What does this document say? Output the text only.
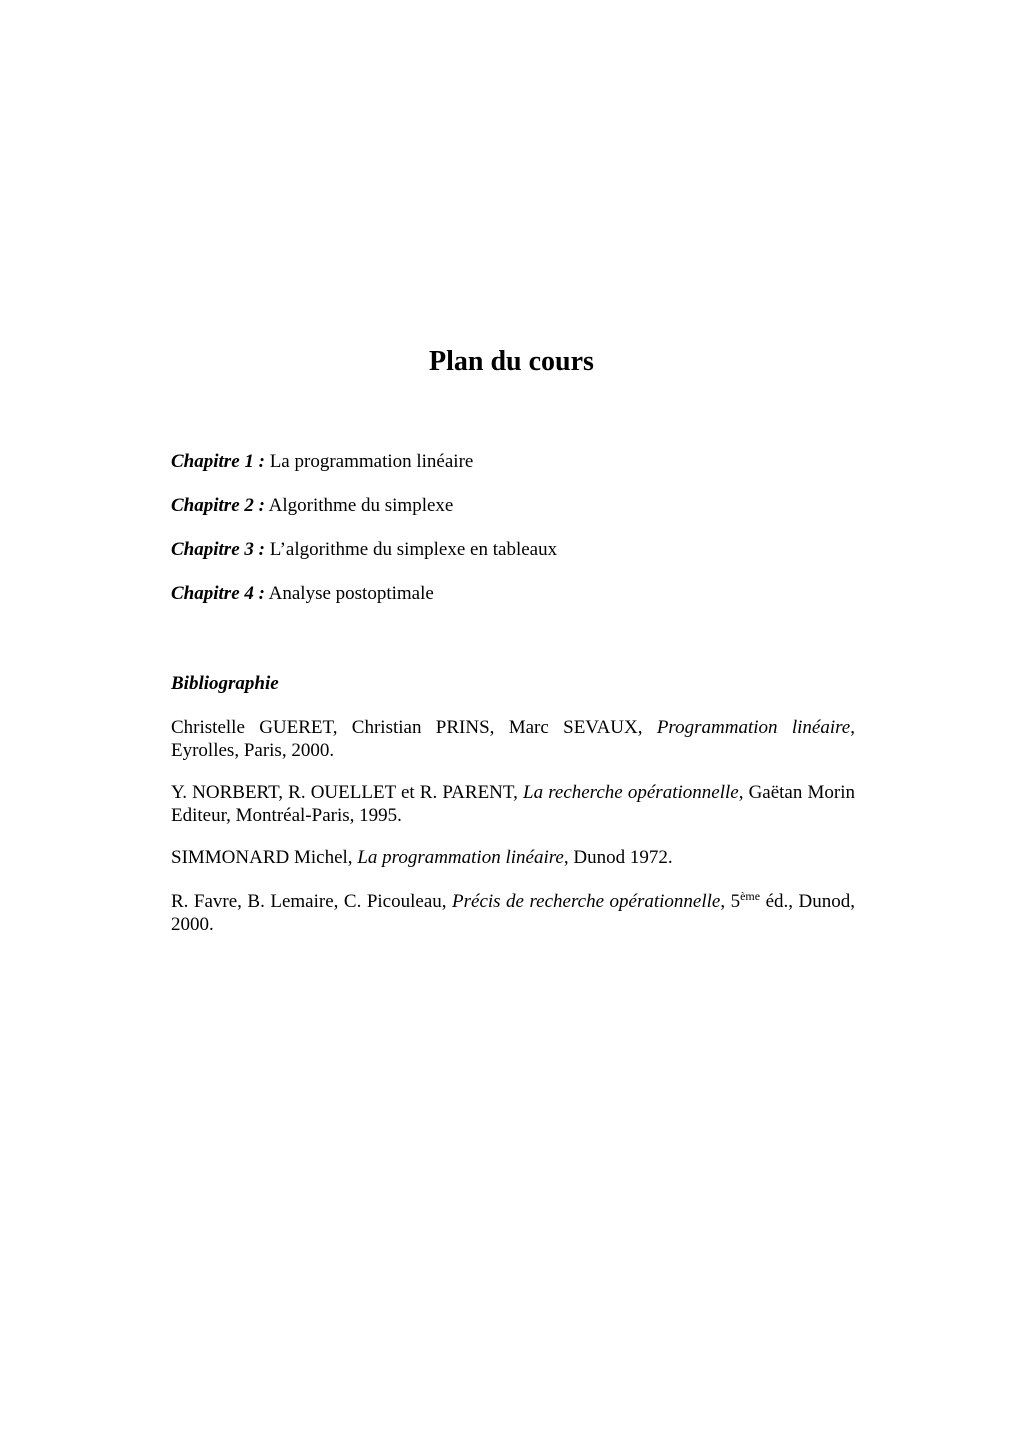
Plan du cours
Chapitre 1 : La programmation linéaire
Chapitre 2 : Algorithme du simplexe
Chapitre 3 : L’algorithme du simplexe en tableaux
Chapitre 4 : Analyse postoptimale
Bibliographie
Christelle GUERET, Christian PRINS, Marc SEVAUX, Programmation linéaire, Eyrolles, Paris, 2000.
Y. NORBERT, R. OUELLET et R. PARENT, La recherche opérationnelle, Gaëtan Morin Editeur, Montréal-Paris, 1995.
SIMMONARD Michel, La programmation linéaire, Dunod 1972.
R. Favre, B. Lemaire, C. Picouleau, Précis de recherche opérationnelle, 5ème éd., Dunod, 2000.
